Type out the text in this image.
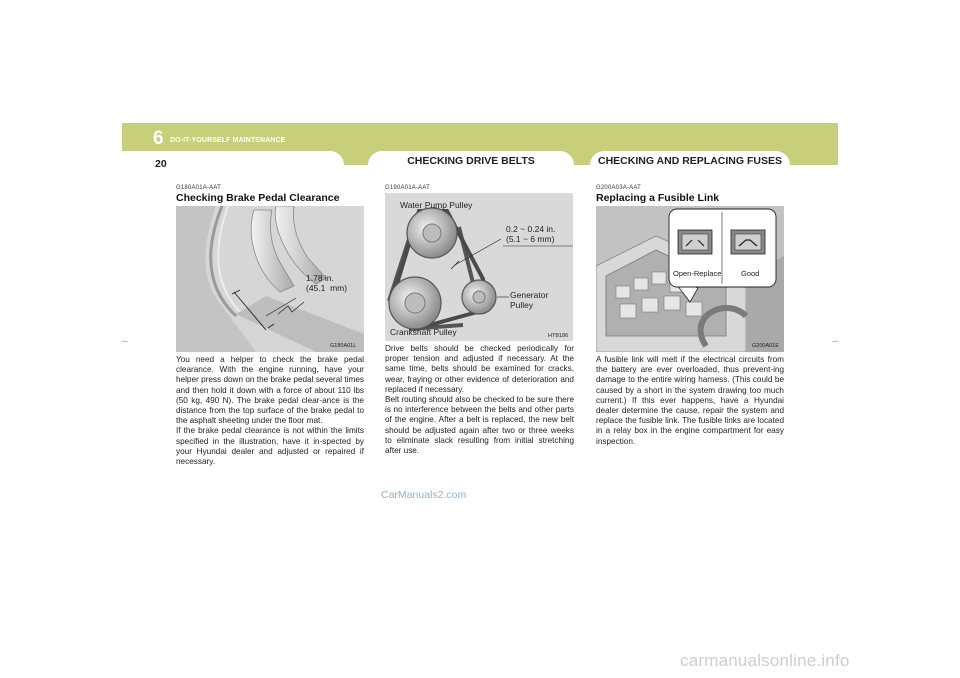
6 DO-IT-YOURSELF MAINTENANCE
20	CHECKING DRIVE BELTS	CHECKING AND REPLACING FUSES
G180A01A-AAT
Checking Brake Pedal Clearance
1.78 in.
(45.1  mm)
G180A01L
You need a helper to check the brake pedal clearance. With the engine running, have your helper press down on the brake pedal several times and then hold it down with a force of about 110 lbs (50 kg, 490 N). The brake pedal clear-ance is the distance from the top surface of the brake pedal to the asphalt sheeting under the floor mat.
If the brake pedal clearance is not within the limits specified in the illustration, have it in-spected by your Hyundai dealer and adjusted or repaired if necessary.
G190A01A-AAT
Water Pump Pulley
0.2 ~ 0.24 in.
(5.1 ~ 6 mm)
Generator
Pulley
Crankshaft Pulley	HTB186
Drive belts should be checked periodically for proper tension and adjusted if necessary. At the same time, belts should be examined for cracks, wear, fraying or other evidence of deterioration and replaced if necessary.
Belt routing should also be checked to be sure there is no interference between the belts and other parts of the engine. After a belt is replaced, the new belt should be adjusted again after two or three weeks to eliminate slack resulting from initial stretching after use.
G200A03A-AAT
Replacing a Fusible Link
Open-Replace	Good
G200A01E
A fusible link will melt if the electrical circuits from the battery are ever overloaded, thus prevent-ing damage to the entire wiring harness. (This could be caused by a short in the system drawing too much current.) If this ever happens, have a Hyundai dealer determine the cause, repair the system and replace the fusible link. The fusible links are located in a relay box in the engine compartment for easy inspection.
CarManuals2.com
carmanualsonline.info
